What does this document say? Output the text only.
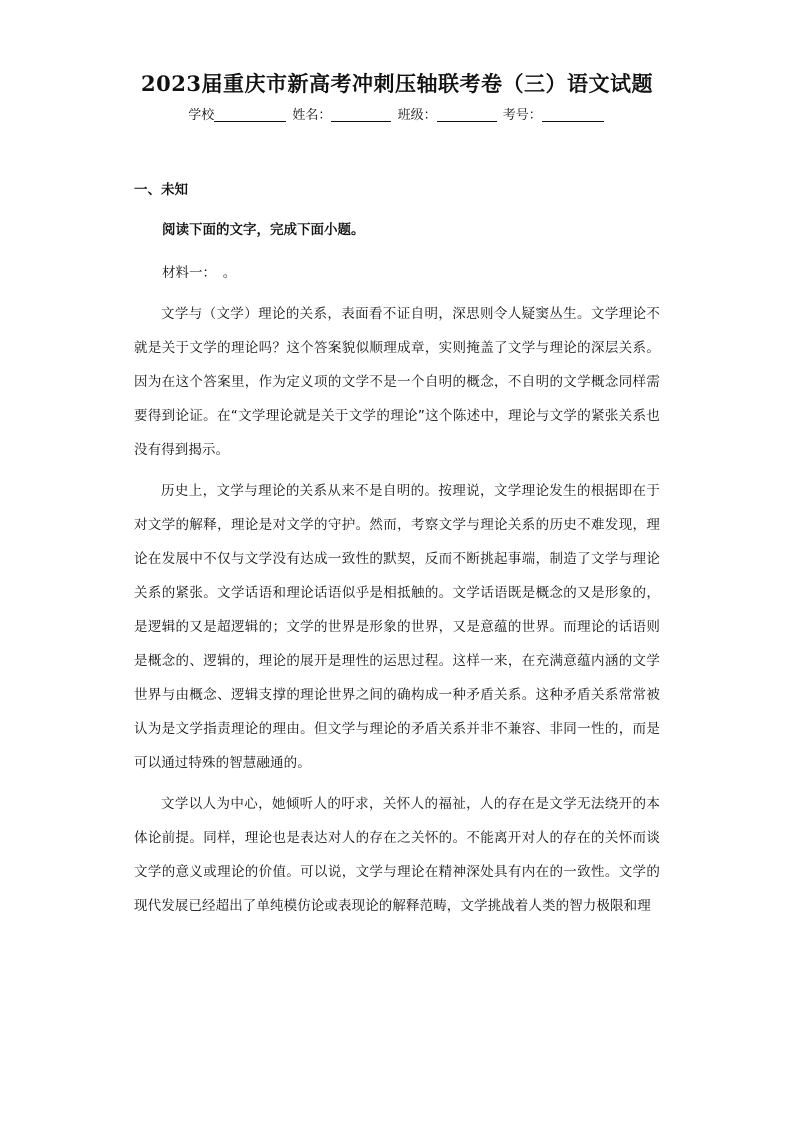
2023届重庆市新高考冲刺压轴联考卷（三）语文试题
学校	姓名：	班级：	考号：
一、未知
阅读下面的文字，完成下面小题。
材料一：　。

文学与（文学）理论的关系，表面看不证自明，深思则令人疑窦丛生。文学理论不就是关于文学的理论吗？这个答案貌似顺理成章，实则掩盖了文学与理论的深层关系。因为在这个答案里，作为定义项的文学不是一个自明的概念，不自明的文学概念同样需要得到论证。在“文学理论就是关于文学的理论”这个陈述中，理论与文学的紧张关系也没有得到揭示。

历史上，文学与理论的关系从来不是自明的。按理说，文学理论发生的根据即在于对文学的解释，理论是对文学的守护。然而，考察文学与理论关系的历史不难发现，理论在发展中不仅与文学没有达成一致性的默契，反而不断挑起事端，制造了文学与理论关系的紧张。文学话语和理论话语似乎是相抵触的。文学话语既是概念的又是形象的，是逻辑的又是超逻辑的；文学的世界是形象的世界，又是意蕴的世界。而理论的话语则是概念的、逻辑的，理论的展开是理性的运思过程。这样一来，在充满意蕴内涵的文学世界与由概念、逻辑支撑的理论世界之间的确构成一种矛盾关系。这种矛盾关系常常被认为是文学指责理论的理由。但文学与理论的矛盾关系并非不兼容、非同一性的，而是可以通过特殊的智慧融通的。

文学以人为中心，她倾听人的吁求，关怀人的福祉，人的存在是文学无法绕开的本体论前提。同样，理论也是表达对人的存在之关怀的。不能离开对人的存在的关怀而谈文学的意义或理论的价值。可以说，文学与理论在精神深处具有内在的一致性。文学的现代发展已经超出了单纯模仿论或表现论的解释范畴，文学挑战着人类的智力极限和理
